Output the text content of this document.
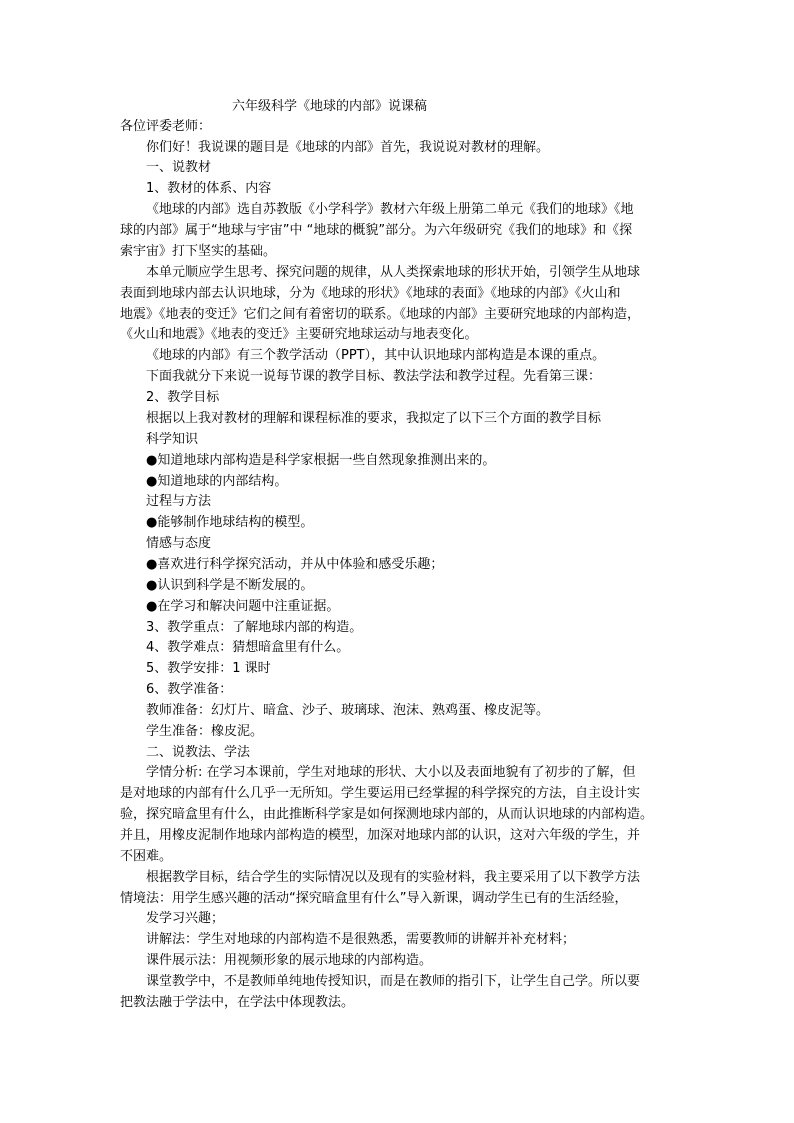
六年级科学《地球的内部》说课稿
各位评委老师：
你们好！我说课的题目是《地球的内部》首先，我说说对教材的理解。
一、说教材
1、教材的体系、内容
《地球的内部》选自苏教版《小学科学》教材六年级上册第二单元《我们的地球》《地
球的内部》属于“地球与宇宙”中 “地球的概貌”部分。为六年级研究《我们的地球》和《探
索宇宙》打下坚实的基础。
本单元顺应学生思考、探究问题的规律，从人类探索地球的形状开始，引领学生从地球
表面到地球内部去认识地球，分为《地球的形状》《地球的表面》《地球的内部》《火山和
地震》《地表的变迁》它们之间有着密切的联系。《地球的内部》主要研究地球的内部构造，
《火山和地震》《地表的变迁》主要研究地球运动与地表变化。
《地球的内部》有三个教学活动（PPT），其中认识地球内部构造是本课的重点。
下面我就分下来说一说每节课的教学目标、教法学法和教学过程。先看第三课：
2、教学目标
根据以上我对教材的理解和课程标准的要求，我拟定了以下三个方面的教学目标
科学知识
●知道地球内部构造是科学家根据一些自然现象推测出来的。
●知道地球的内部结构。
过程与方法
●能够制作地球结构的模型。
情感与态度
●喜欢进行科学探究活动，并从中体验和感受乐趣；
●认识到科学是不断发展的。
●在学习和解决问题中注重证据。
3、教学重点：了解地球内部的构造。
4、教学难点：猜想暗盒里有什么。
5、教学安排：1 课时
6、教学准备：
教师准备：幻灯片、暗盒、沙子、玻璃球、泡沫、熟鸡蛋、橡皮泥等。
学生准备：橡皮泥。
二、说教法、学法
学情分析: 在学习本课前，学生对地球的形状、大小以及表面地貌有了初步的了解，但
是对地球的内部有什么几乎一无所知。学生要运用已经掌握的科学探究的方法，自主设计实
验，探究暗盒里有什么，由此推断科学家是如何探测地球内部的，从而认识地球的内部构造。
并且，用橡皮泥制作地球内部构造的模型，加深对地球内部的认识，这对六年级的学生，并
不困难。
根据教学目标，结合学生的实际情况以及现有的实验材料，我主要采用了以下教学方法
情境法：用学生感兴趣的活动“探究暗盒里有什么”导入新课，调动学生已有的生活经验，
发学习兴趣；
讲解法：学生对地球的内部构造不是很熟悉，需要教师的讲解并补充材料；
课件展示法：用视频形象的展示地球的内部构造。
课堂教学中，不是教师单纯地传授知识，而是在教师的指引下，让学生自己学。所以要
把教法融于学法中，在学法中体现教法。
